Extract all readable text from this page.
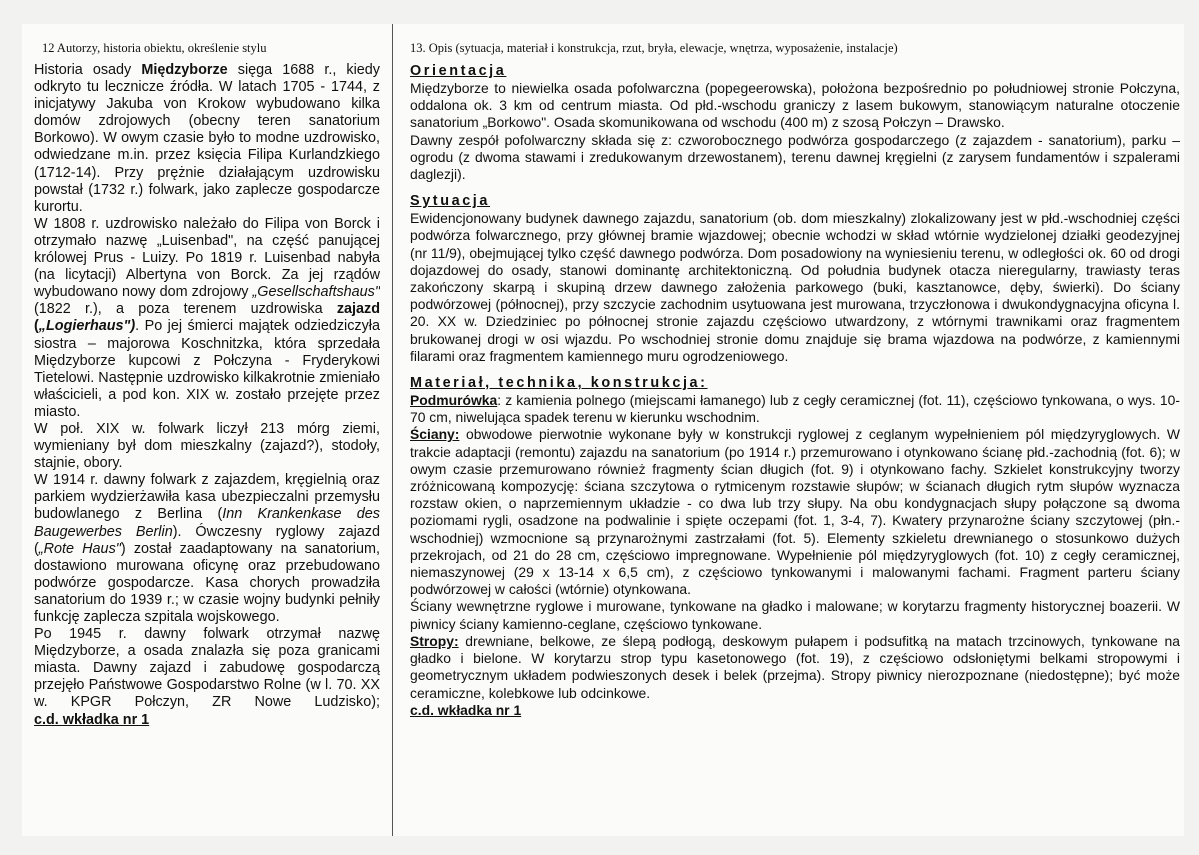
12 Autorzy, historia obiektu, określenie stylu

Historia osady Międzyborze sięga 1688 r., kiedy odkryto tu lecznicze źródła. W latach 1705 - 1744, z inicjatywy Jakuba von Krokow wybudowano kilka domów zdrojowych (obecny teren sanatorium Borkowo). W owym czasie było to modne uzdrowisko, odwiedzane m.in. przez księcia Filipa Kurlandzkiego (1712-14). Przy prężnie działającym uzdrowisku powstał (1732 r.) folwark, jako zaplecze gospodarcze kurortu.

W 1808 r. uzdrowisko należało do Filipa von Borck i otrzymało nazwę „Luisenbad", na część panującej królowej Prus - Luizy. Po 1819 r. Luisenbad nabyła (na licytacji) Albertyna von Borck. Za jej rządów wybudowano nowy dom zdrojowy „Gesellschaftshaus" (1822 r.), a poza terenem uzdrowiska zajazd („Logierhaus"). Po jej śmierci majątek odziedziczyła siostra – majorowa Koschnitzka, która sprzedała Międzyborze kupcowi z Połczyna - Fryderykowi Tietelowi. Następnie uzdrowisko kilkakrotnie zmieniało właścicieli, a pod kon. XIX w. zostało przejęte przez miasto.

W poł. XIX w. folwark liczył 213 mórg ziemi, wymieniany był dom mieszkalny (zajazd?), stodoły, stajnie, obory.

W 1914 r. dawny folwark z zajazdem, kręgielnią oraz parkiem wydzierżawiła kasa ubezpieczalni przemysłu budowlanego z Berlina (Inn Krankenkase des Baugewerbes Berlin). Ówczesny ryglowy zajazd („Rote Haus") został zaadaptowany na sanatorium, dostawiono murowana oficynę oraz przebudowano podwórze gospodarcze. Kasa chorych prowadziła sanatorium do 1939 r.; w czasie wojny budynki pełniły funkcję zaplecza szpitala wojskowego.

Po 1945 r. dawny folwark otrzymał nazwę Międzyborze, a osada znalazła się poza granicami miasta. Dawny zajazd i zabudowę gospodarczą przejęło Państwowe Gospodarstwo Rolne (w l. 70. XX w. KPGR Połczyn, ZR Nowe Ludzisko); c.d. wkładka nr 1

13. Opis (sytuacja, materiał i konstrukcja, rzut, bryła, elewacje, wnętrza, wyposażenie, instalacje)
Orientacja

Międzyborze to niewielka osada pofolwarczna (popegeerowska), położona bezpośrednio po południowej stronie Połczyna, oddalona ok. 3 km od centrum miasta. Od płd.-wschodu graniczy z lasem bukowym, stanowiącym naturalne otoczenie sanatorium „Borkowo". Osada skomunikowana od wschodu (400 m) z szosą Połczyn – Drawsko.

Dawny zespół pofolwarczny składa się z: czworobocznego podwórza gospodarczego (z zajazdem - sanatorium), parku – ogrodu (z dwoma stawami i zredukowanym drzewostanem), terenu dawnej kręgielni (z zarysem fundamentów i szpalerami daglezji).

Sytuacja

Ewidencjonowany budynek dawnego zajazdu, sanatorium (ob. dom mieszkalny) zlokalizowany jest w płd.-wschodniej części podwórza folwarcznego, przy głównej bramie wjazdowej; obecnie wchodzi w skład wtórnie wydzielonej działki geodezyjnej (nr 11/9), obejmującej tylko część dawnego podwórza. Dom posadowiony na wyniesieniu terenu, w odległości ok. 60 od drogi dojazdowej do osady, stanowi dominantę architektoniczną. Od południa budynek otacza nieregularny, trawiasty teras zakończony skarpą i skupiną drzew dawnego założenia parkowego (buki, kasztanowce, dęby, świerki). Do ściany podwórzowej (północnej), przy szczycie zachodnim usytuowana jest murowana, trzyczłonowa i dwukondygnacyjna oficyna l. 20. XX w. Dziedziniec po północnej stronie zajazdu częściowo utwardzony, z wtórnymi trawnikami oraz fragmentem brukowanej drogi w osi wjazdu. Po wschodniej stronie domu znajduje się brama wjazdowa na podwórze, z kamiennymi filarami oraz fragmentem kamiennego muru ogrodzeniowego.

Materiał, technika, konstrukcja:

Podmurówka: z kamienia polnego (miejscami łamanego) lub z cegły ceramicznej (fot. 11), częściowo tynkowana, o wys. 10-70 cm, niwelująca spadek terenu w kierunku wschodnim.

Ściany: obwodowe pierwotnie wykonane były w konstrukcji ryglowej z ceglanym wypełnieniem pól międzyryglowych. W trakcie adaptacji (remontu) zajazdu na sanatorium (po 1914 r.) przemurowano i otynkowano ścianę płd.-zachodnią (fot. 6); w owym czasie przemurowano również fragmenty ścian długich (fot. 9) i otynkowano fachy. Szkielet konstrukcyjny tworzy zróżnicowaną kompozycję: ściana szczytowa o rytmicenym rozstawie słupów; w ścianach długich rytm słupów wyznacza rozstaw okien, o naprzemiennym układzie - co dwa lub trzy słupy. Na obu kondygnacjach słupy połączone są dwoma poziomami rygli, osadzone na podwalinie i spięte oczepami (fot. 1, 3-4, 7). Kwatery przynarożne ściany szczytowej (płn.-wschodniej) wzmocnione są przynarożnymi zastrzałami (fot. 5). Elementy szkieletu drewnianego o stosunkowo dużych przekrojach, od 21 do 28 cm, częściowo impregnowane. Wypełnienie pól międzyryglowych (fot. 10) z cegły ceramicznej, niemaszynowej (29 x 13-14 x 6,5 cm), z częściowo tynkowanymi i malowanymi fachami. Fragment parteru ściany podwórzowej w całości (wtórnie) otynkowana.

Ściany wewnętrzne ryglowe i murowane, tynkowane na gładko i malowane; w korytarzu fragmenty historycznej boazerii. W piwnicy ściany kamienno-ceglane, częściowo tynkowane.

Stropy: drewniane, belkowe, ze ślepą podłogą, deskowym pułapem i podsufitką na matach trzcinowych, tynkowane na gładko i bielone. W korytarzu strop typu kasetonowego (fot. 19), z częściowo odsłoniętymi belkami stropowymi i geometrycznym układem podwieszonych desek i belek (przejma). Stropy piwnicy nierozpoznane (niedostępne); być może ceramiczne, kolebkowe lub odcinkowe.

c.d. wkładka nr 1
